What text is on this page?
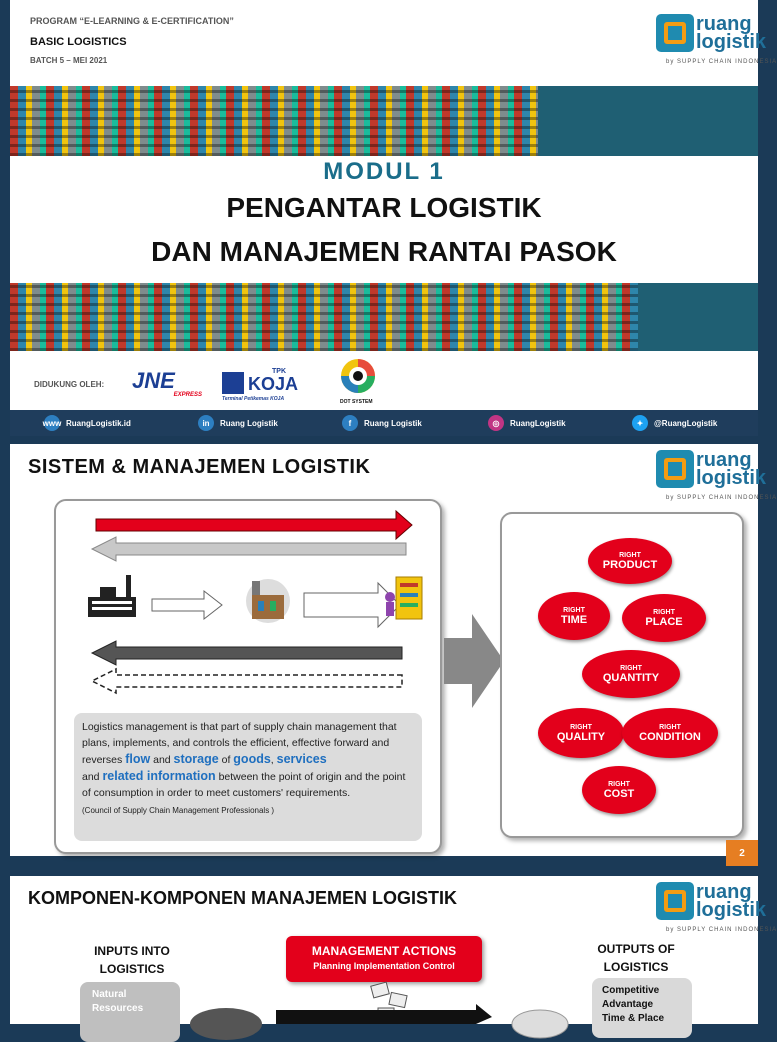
PROGRAM “E-LEARNING & E-CERTIFICATION”
BASIC LOGISTICS
BATCH 5 – MEI 2021
ruang
logistik
by SUPPLY CHAIN INDONESIA
MODUL 1
PENGANTAR LOGISTIK
DAN MANAJEMEN RANTAI PASOK
DIDUKUNG OLEH: JNE
EXPRESS
TPK
KOJA
Terminal Petikemas KOJA	DOT SYSTEM
www RuangLogistik.id	in	Ruang Logistik	f	Ruang Logistik	◎	RuangLogistik	✦	@RuangLogistik
SISTEM & MANAJEMEN LOGISTIK	ruang
logistik
by SUPPLY CHAIN INDONESIA
Logistics management is that part of supply chain management that plans, implements, and controls the efficient, effective forward and reverses flow and storage of goods, services
and related information between the point of origin and the point of consumption in order to meet customers' requirements.
(Council of Supply Chain Management Professionals )
RIGHT
PRODUCT
RIGHT
TIME
RIGHT
PLACE
RIGHT
QUANTITY
RIGHT
QUALITY
RIGHT
CONDITION
RIGHT
COST
2
KOMPONEN-KOMPONEN MANAJEMEN LOGISTIK	ruang
logistik
by SUPPLY CHAIN INDONESIA
INPUTS INTO LOGISTICS
Natural
Resources
MANAGEMENT ACTIONS
Planning Implementation Control
OUTPUTS OF LOGISTICS
Competitive
Advantage
Time & Place
